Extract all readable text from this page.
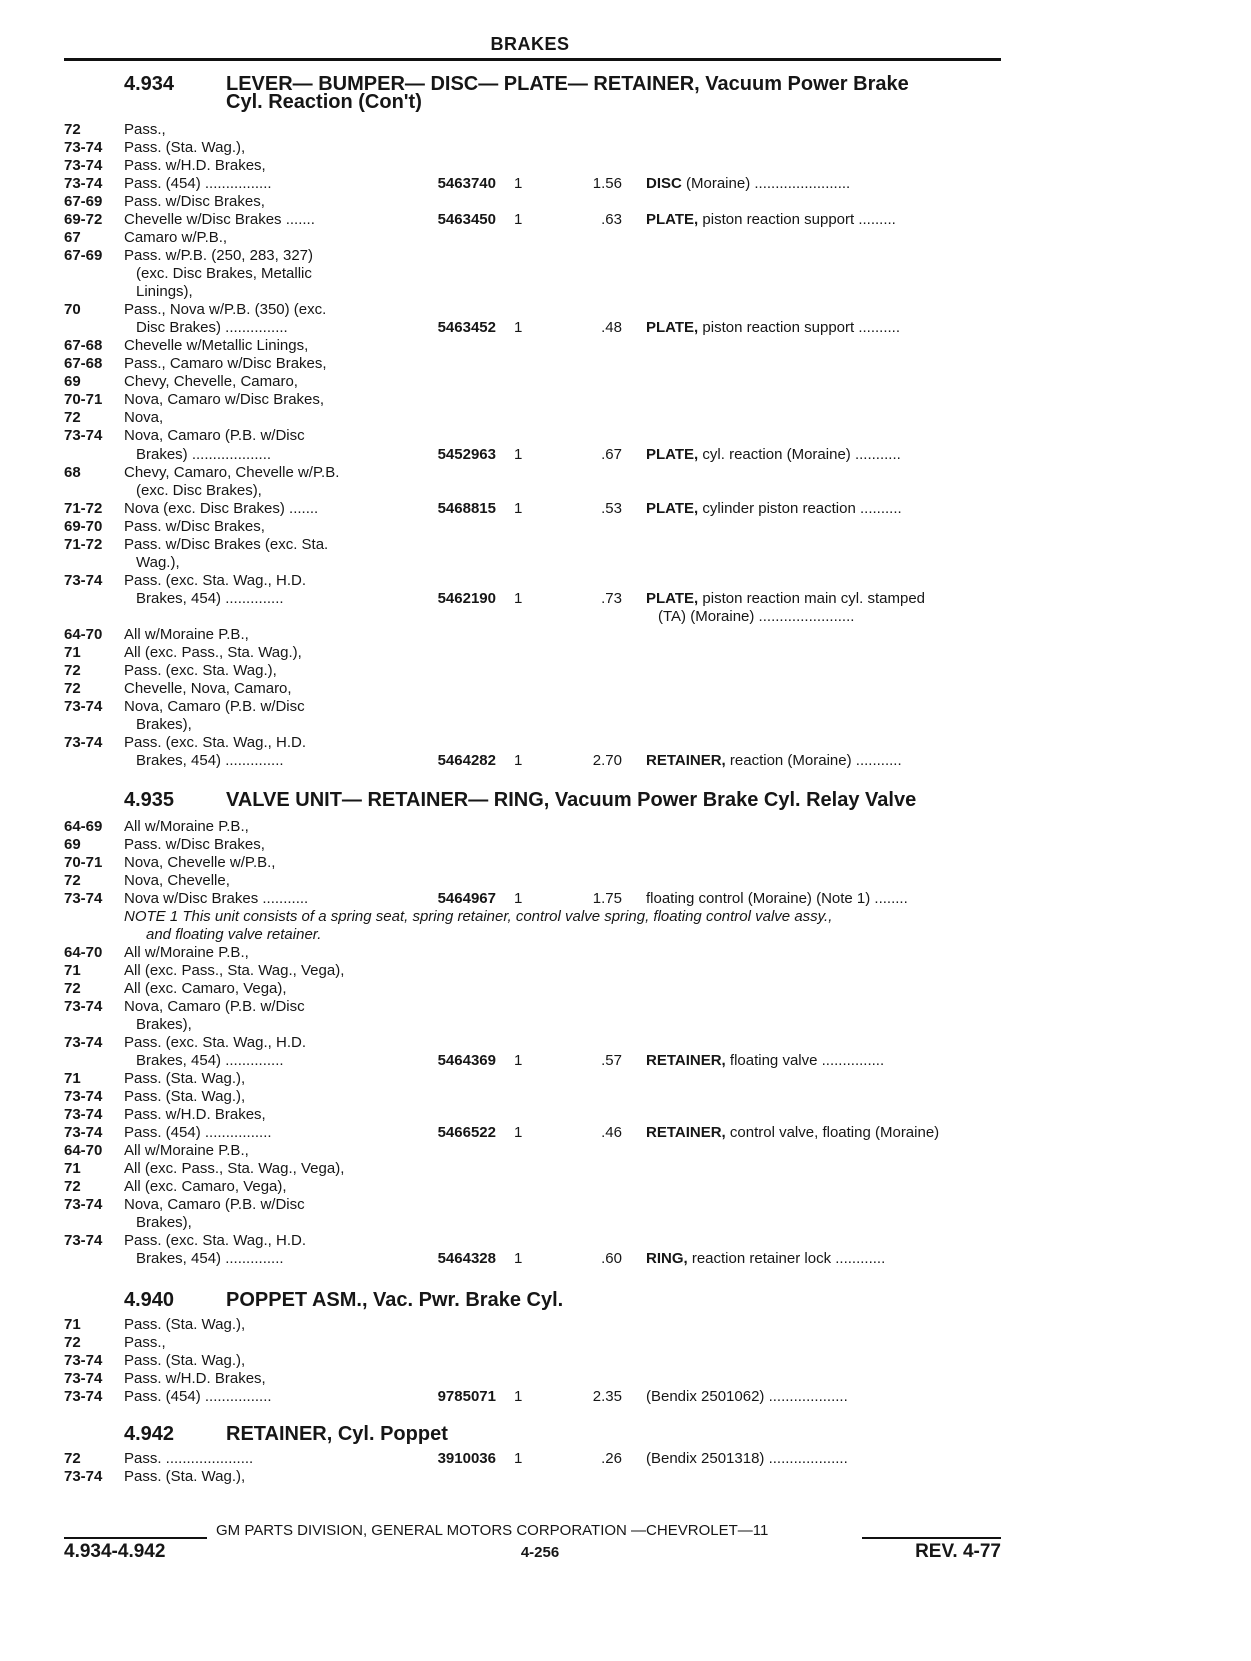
BRAKES
4.934	LEVER— BUMPER— DISC— PLATE— RETAINER, Vacuum Power Brake
Cyl. Reaction (Con't)
4.935	VALVE UNIT— RETAINER— RING, Vacuum Power Brake Cyl. Relay Valve
4.940	POPPET ASM., Vac. Pwr. Brake Cyl.
4.942	RETAINER, Cyl. Poppet
72	Pass.,
73-74 Pass. (Sta. Wag.),
73-74 Pass. w/H.D. Brakes,
73-74 Pass. (454) ................	5463740 1	1.56 DISC (Moraine) .......................
67-69 Pass. w/Disc Brakes,
69-72 Chevelle w/Disc Brakes .......	5463450 1	.63 PLATE, piston reaction support .........
67	Camaro w/P.B.,
67-69 Pass. w/P.B. (250, 283, 327)
(exc. Disc Brakes, Metallic
Linings),
70	Pass., Nova w/P.B. (350) (exc.
Disc Brakes) ...............	5463452 1	.48 PLATE, piston reaction support ..........
67-68 Chevelle w/Metallic Linings,
67-68 Pass., Camaro w/Disc Brakes,
69	Chevy, Chevelle, Camaro,
70-71 Nova, Camaro w/Disc Brakes,
72	Nova,
73-74 Nova, Camaro (P.B. w/Disc
Brakes) ...................	5452963 1	.67 PLATE, cyl. reaction (Moraine) ...........
68	Chevy, Camaro, Chevelle w/P.B.
(exc. Disc Brakes),
71-72 Nova (exc. Disc Brakes) .......	5468815 1	.53 PLATE, cylinder piston reaction ..........
69-70 Pass. w/Disc Brakes,
71-72 Pass. w/Disc Brakes (exc. Sta.
Wag.),
73-74 Pass. (exc. Sta. Wag., H.D.
Brakes, 454) ..............	5462190 1	.73 PLATE, piston reaction main cyl. stamped
(TA) (Moraine) .......................
64-70 All w/Moraine P.B.,
71	All (exc. Pass., Sta. Wag.),
72	Pass. (exc. Sta. Wag.),
72	Chevelle, Nova, Camaro,
73-74 Nova, Camaro (P.B. w/Disc
Brakes),
73-74 Pass. (exc. Sta. Wag., H.D.
Brakes, 454) ..............	5464282 1	2.70 RETAINER, reaction (Moraine) ...........
64-69 All w/Moraine P.B.,
69	Pass. w/Disc Brakes,
70-71 Nova, Chevelle w/P.B.,
72	Nova, Chevelle,
73-74 Nova w/Disc Brakes ...........	5464967 1	1.75 floating control (Moraine) (Note 1) ........
NOTE 1 This unit consists of a spring seat, spring retainer, control valve spring, floating control valve assy.,
and floating valve retainer.
64-70 All w/Moraine P.B.,
71	All (exc. Pass., Sta. Wag., Vega),
72	All (exc. Camaro, Vega),
73-74 Nova, Camaro (P.B. w/Disc
Brakes),
73-74 Pass. (exc. Sta. Wag., H.D.
Brakes, 454) ..............	5464369 1	.57 RETAINER, floating valve ...............
71	Pass. (Sta. Wag.),
73-74 Pass. (Sta. Wag.),
73-74 Pass. w/H.D. Brakes,
73-74 Pass. (454) ................	5466522 1	.46 RETAINER, control valve, floating (Moraine)
64-70 All w/Moraine P.B.,
71	All (exc. Pass., Sta. Wag., Vega),
72	All (exc. Camaro, Vega),
73-74 Nova, Camaro (P.B. w/Disc
Brakes),
73-74 Pass. (exc. Sta. Wag., H.D.
Brakes, 454) ..............	5464328 1	.60 RING, reaction retainer lock ............
71	Pass. (Sta. Wag.),
72	Pass.,
73-74 Pass. (Sta. Wag.),
73-74 Pass. w/H.D. Brakes,
73-74 Pass. (454) ................	9785071 1	2.35 (Bendix 2501062) ...................
72	Pass. .....................	3910036 1	.26 (Bendix 2501318) ...................
73-74 Pass. (Sta. Wag.),
GM PARTS DIVISION, GENERAL MOTORS CORPORATION —CHEVROLET—11
4.934-4.942	4-256	REV. 4-77
